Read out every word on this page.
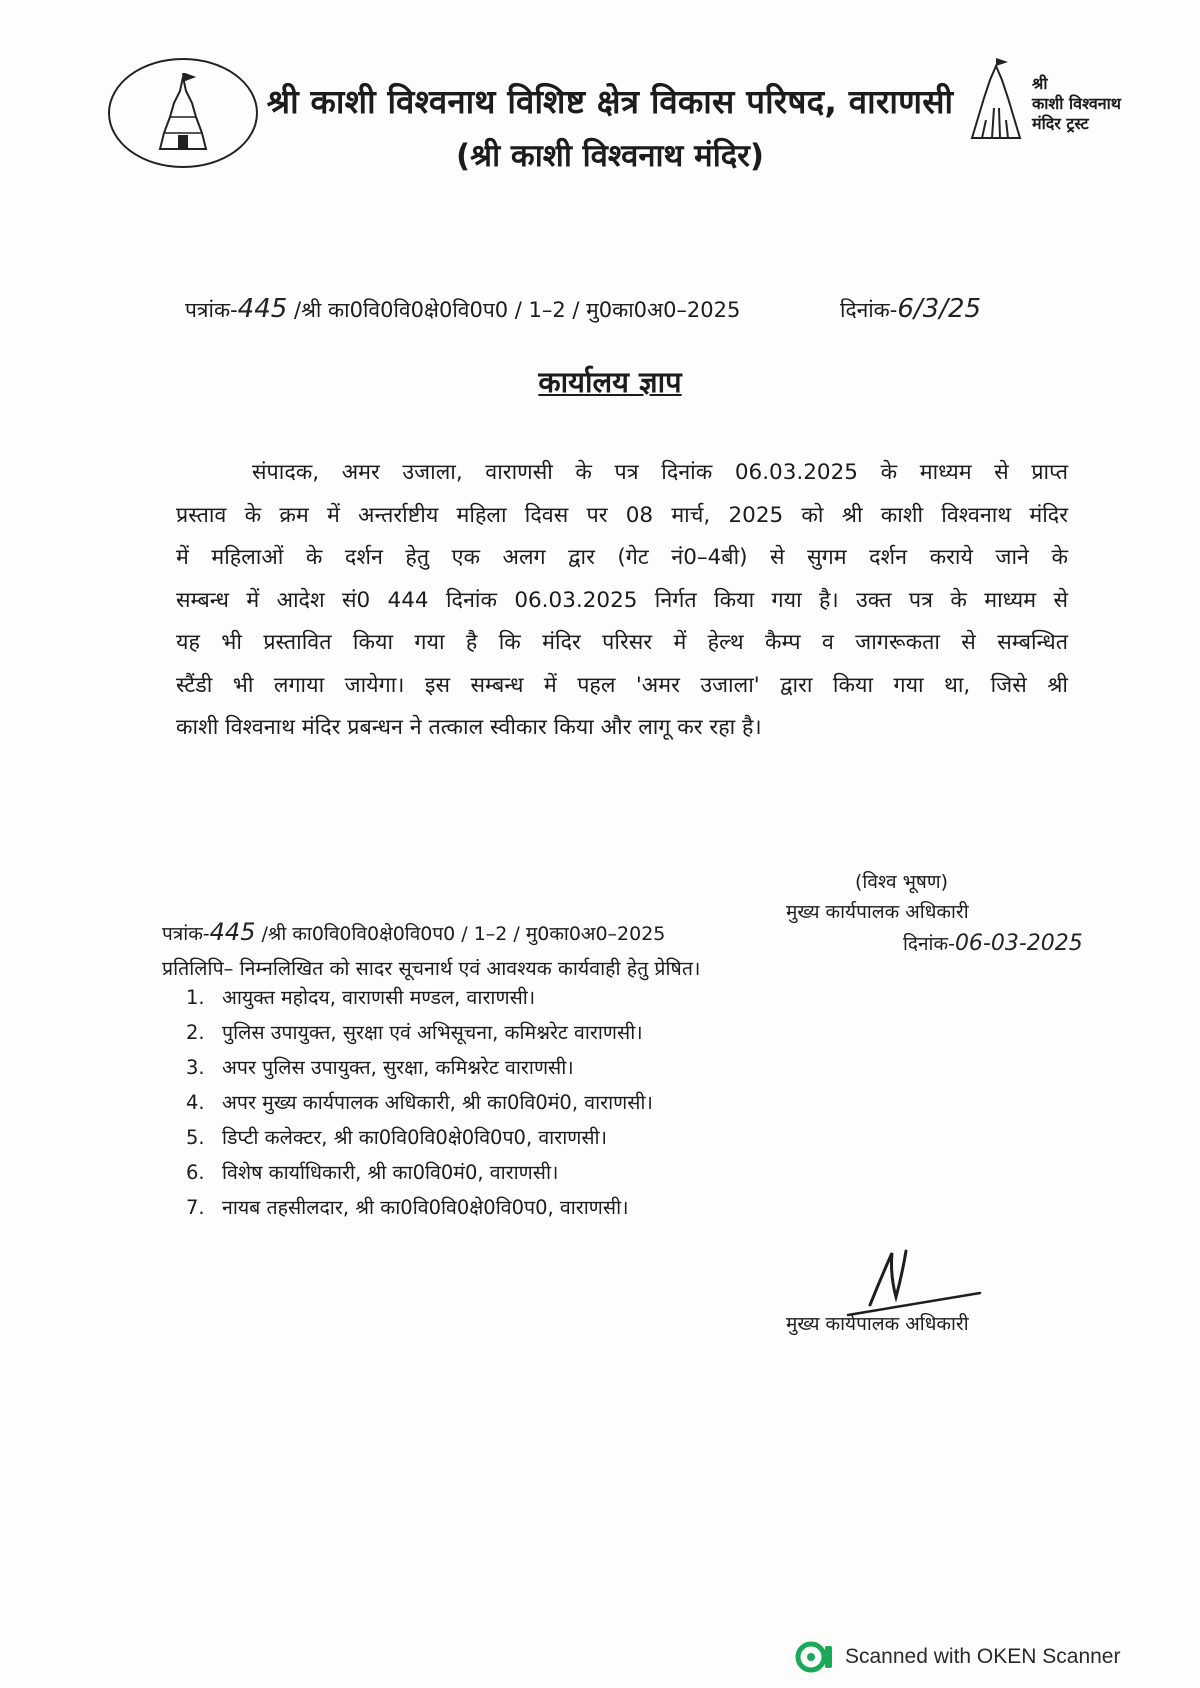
श्री काशी विश्वनाथ विशिष्ट क्षेत्र विकास परिषद, वाराणसी
(श्री काशी विश्वनाथ मंदिर)
श्री
काशी विश्वनाथ
मंदिर ट्रस्ट
पत्रांक-445 /श्री का0वि0वि0क्षे0वि0प0 / 1–2 / मु0का0अ0–2025	दिनांक-6/3/25
कार्यालय ज्ञाप
संपादक, अमर उजाला, वाराणसी के पत्र दिनांक 06.03.2025 के माध्यम से प्राप्त
प्रस्ताव के क्रम में अन्तर्राष्टीय महिला दिवस पर 08 मार्च, 2025 को श्री काशी विश्वनाथ मंदिर
में महिलाओं के दर्शन हेतु एक अलग द्वार (गेट नं0–4बी) से सुगम दर्शन कराये जाने के
सम्बन्ध में आदेश सं0 444 दिनांक 06.03.2025 निर्गत किया गया है। उक्त पत्र के माध्यम से
यह भी प्रस्तावित किया गया है कि मंदिर परिसर में हेल्थ कैम्प व जागरूकता से सम्बन्धित
स्टैंडी भी लगाया जायेगा। इस सम्बन्ध में पहल 'अमर उजाला' द्वारा किया गया था, जिसे श्री
काशी विश्वनाथ मंदिर प्रबन्धन ने तत्काल स्वीकार किया और लागू कर रहा है।
(विश्व भूषण)
मुख्य कार्यपालक अधिकारी
पत्रांक-445 /श्री का0वि0वि0क्षे0वि0प0 / 1–2 / मु0का0अ0–2025	दिनांक-06-03-2025
प्रतिलिपि– निम्नलिखित को सादर सूचनार्थ एवं आवश्यक कार्यवाही हेतु प्रेषित।
1. आयुक्त महोदय, वाराणसी मण्डल, वाराणसी।
2. पुलिस उपायुक्त, सुरक्षा एवं अभिसूचना, कमिश्नरेट वाराणसी।
3. अपर पुलिस उपायुक्त, सुरक्षा, कमिश्नरेट वाराणसी।
4. अपर मुख्य कार्यपालक अधिकारी, श्री का0वि0मं0, वाराणसी।
5. डिप्टी कलेक्टर, श्री का0वि0वि0क्षे0वि0प0, वाराणसी।
6. विशेष कार्याधिकारी, श्री का0वि0मं0, वाराणसी।
7. नायब तहसीलदार, श्री का0वि0वि0क्षे0वि0प0, वाराणसी।
मुख्य कार्यपालक अधिकारी
Scanned with OKEN Scanner
